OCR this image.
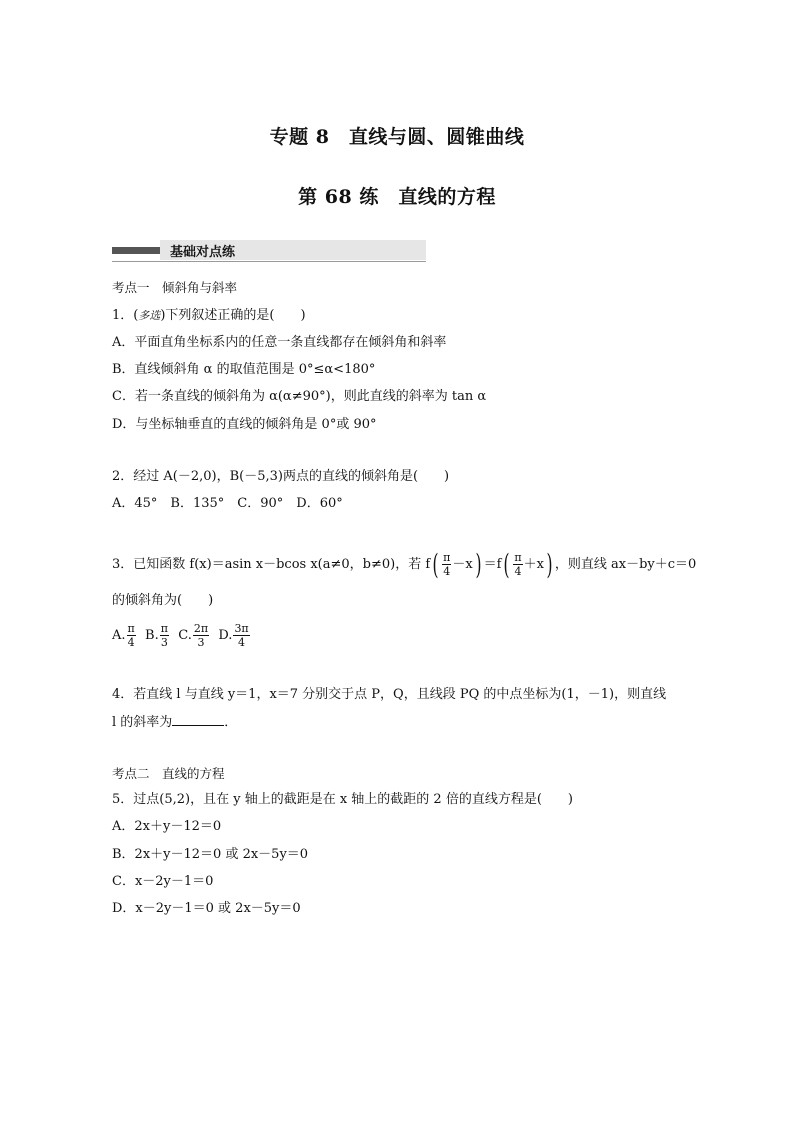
专题 8　直线与圆、圆锥曲线
第 68 练　直线的方程
基础对点练
考点一　倾斜角与斜率
1．(多选)下列叙述正确的是(　　)
A．平面直角坐标系内的任意一条直线都存在倾斜角和斜率
B．直线倾斜角 α 的取值范围是 0°≤α<180°
C．若一条直线的倾斜角为 α(α≠90°)，则此直线的斜率为 tan α
D．与坐标轴垂直的直线的倾斜角是 0°或 90°
2．经过 A(－2,0)，B(－5,3)两点的直线的倾斜角是(　　)
A．45°　B．135°　C．90°　D．60°
3．已知函数 f(x)＝asin x－bcos x(a≠0，b≠0)，若 $f( \frac{\pi}{4} -x) =f( \frac{\pi}{4} +x)$ ，则直线 ax－by＋c＝0
的倾斜角为(　　)
A. $\frac{\pi}{4} B$. $\frac{\pi}{3} C$. $\frac{2\pi}{3} D$. $\frac{3\pi}{4}$
4．若直线 l 与直线 y＝1，x＝7 分别交于点 P，Q，且线段 PQ 的中点坐标为(1，－1)，则直线
l 的斜率为	．
考点二　直线的方程
5．过点(5,2)，且在 y 轴上的截距是在 x 轴上的截距的 2 倍的直线方程是(　　)
A．2x＋y－12＝0
B．2x＋y－12＝0 或 2x－5y＝0
C．x－2y－1＝0
D．x－2y－1＝0 或 2x－5y＝0
